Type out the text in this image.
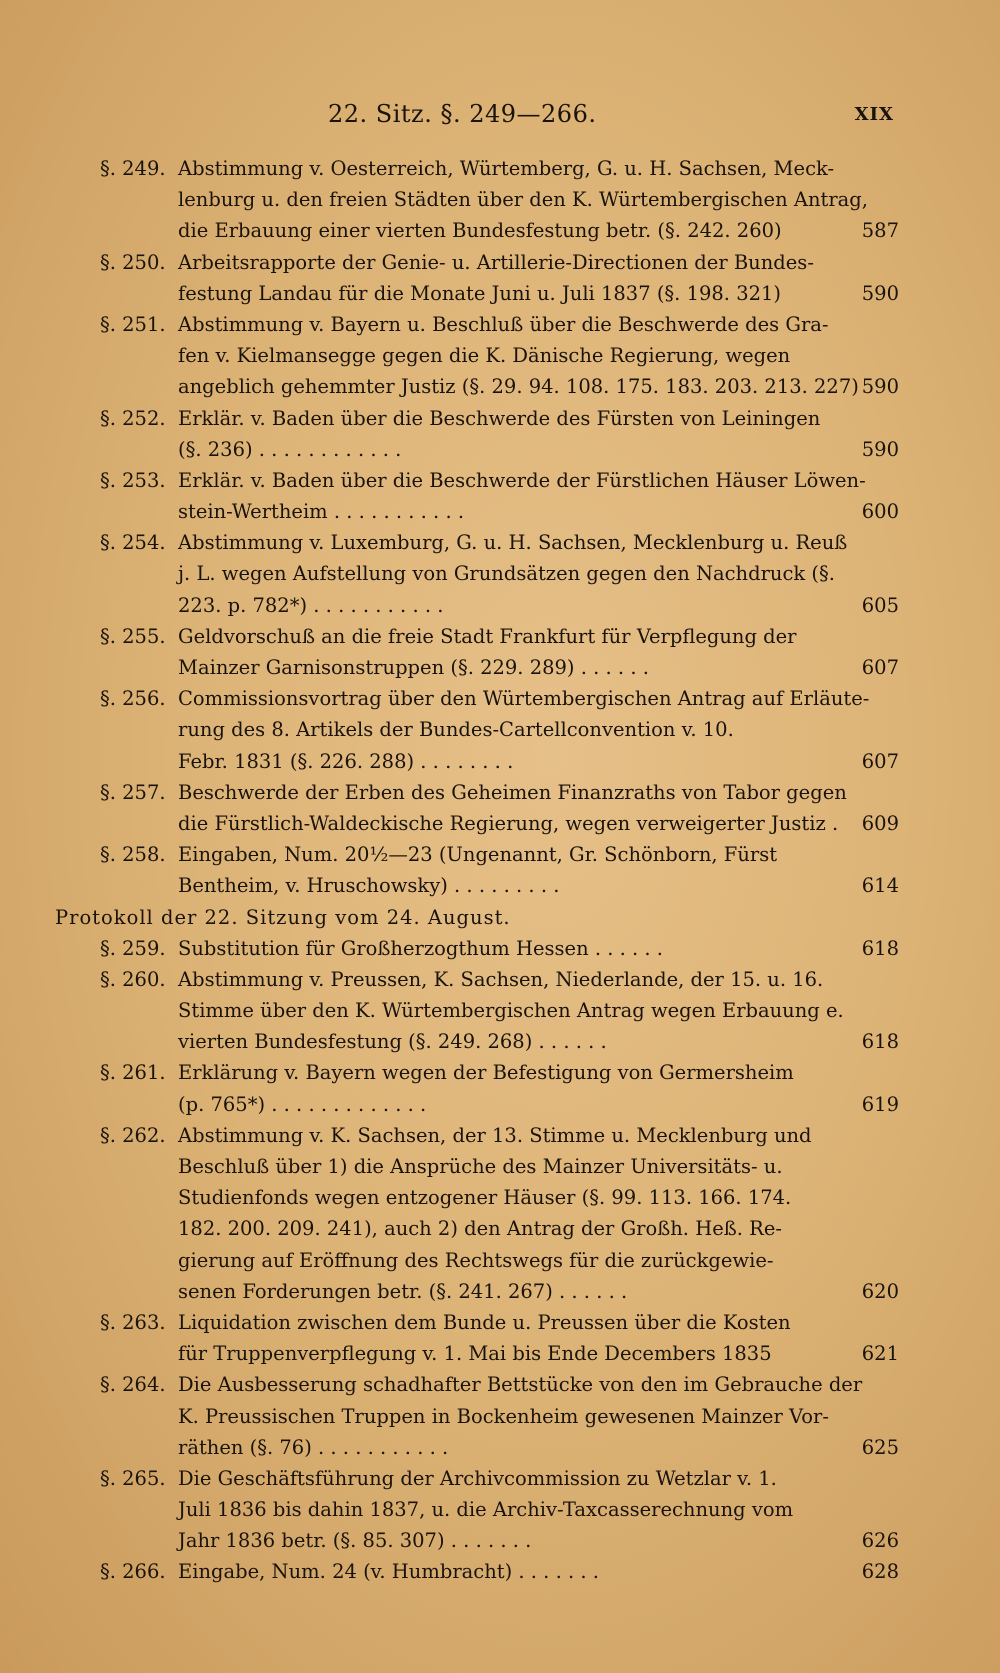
22. Sitz. §. 249—266.	XIX
§. 249. Abstimmung v. Oesterreich, Würtemberg, G. u. H. Sachsen, Meck-
lenburg u. den freien Städten über den K. Würtembergischen Antrag,
die Erbauung einer vierten Bundesfestung betr. (§. 242. 260)	587
§. 250. Arbeitsrapporte der Genie- u. Artillerie-Directionen der Bundes-
festung Landau für die Monate Juni u. Juli 1837 (§. 198. 321)	590
§. 251. Abstimmung v. Bayern u. Beschluß über die Beschwerde des Gra-
fen v. Kielmansegge gegen die K. Dänische Regierung, wegen
angeblich gehemmter Justiz (§. 29. 94. 108. 175. 183. 203. 213. 227) 590
§. 252. Erklär. v. Baden über die Beschwerde des Fürsten von Leiningen
(§. 236) . . . . . . . . . . . .	590
§. 253. Erklär. v. Baden über die Beschwerde der Fürstlichen Häuser Löwen-
stein-Wertheim . . . . . . . . . . .	600
§. 254. Abstimmung v. Luxemburg, G. u. H. Sachsen, Mecklenburg u. Reuß
j. L. wegen Aufstellung von Grundsätzen gegen den Nachdruck (§.
223. p. 782*) . . . . . . . . . . .	605
§. 255. Geldvorschuß an die freie Stadt Frankfurt für Verpflegung der
Mainzer Garnisonstruppen (§. 229. 289) . . . . . .	607
§. 256. Commissionsvortrag über den Würtembergischen Antrag auf Erläute-
rung des 8. Artikels der Bundes-Cartellconvention v. 10.
Febr. 1831 (§. 226. 288) . . . . . . . .	607
§. 257. Beschwerde der Erben des Geheimen Finanzraths von Tabor gegen
die Fürstlich-Waldeckische Regierung, wegen verweigerter Justiz . 609
§. 258. Eingaben, Num. 20½—23 (Ungenannt, Gr. Schönborn, Fürst
Bentheim, v. Hruschowsky) . . . . . . . . .	614
Protokoll der 22. Sitzung vom 24. August.
§. 259. Substitution für Großherzogthum Hessen . . . . . .	618
§. 260. Abstimmung v. Preussen, K. Sachsen, Niederlande, der 15. u. 16.
Stimme über den K. Würtembergischen Antrag wegen Erbauung e.
vierten Bundesfestung (§. 249. 268) . . . . . .	618
§. 261. Erklärung v. Bayern wegen der Befestigung von Germersheim
(p. 765*) . . . . . . . . . . . . .	619
§. 262. Abstimmung v. K. Sachsen, der 13. Stimme u. Mecklenburg und
Beschluß über 1) die Ansprüche des Mainzer Universitäts- u.
Studienfonds wegen entzogener Häuser (§. 99. 113. 166. 174.
182. 200. 209. 241), auch 2) den Antrag der Großh. Heß. Re-
gierung auf Eröffnung des Rechtswegs für die zurückgewie-
senen Forderungen betr. (§. 241. 267) . . . . . .	620
§. 263. Liquidation zwischen dem Bunde u. Preussen über die Kosten
für Truppenverpflegung v. 1. Mai bis Ende Decembers 1835	621
§. 264. Die Ausbesserung schadhafter Bettstücke von den im Gebrauche der
K. Preussischen Truppen in Bockenheim gewesenen Mainzer Vor-
räthen (§. 76) . . . . . . . . . . .	625
§. 265. Die Geschäftsführung der Archivcommission zu Wetzlar v. 1.
Juli 1836 bis dahin 1837, u. die Archiv-Taxcasserechnung vom
Jahr 1836 betr. (§. 85. 307) . . . . . . .	626
§. 266. Eingabe, Num. 24 (v. Humbracht) . . . . . . .	628
